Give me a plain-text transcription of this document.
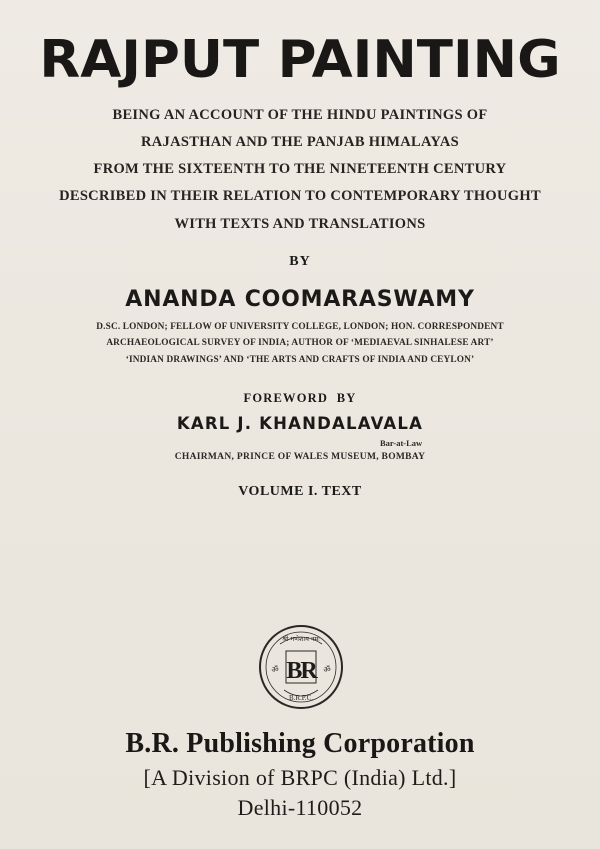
RAJPUT PAINTING
BEING AN ACCOUNT OF THE HINDU PAINTINGS OF
RAJASTHAN AND THE PANJAB HIMALAYAS
FROM THE SIXTEENTH TO THE NINETEENTH CENTURY
DESCRIBED IN THEIR RELATION TO CONTEMPORARY THOUGHT
WITH TEXTS AND TRANSLATIONS
BY
ANANDA COOMARASWAMY
D.SC. LONDON; FELLOW OF UNIVERSITY COLLEGE, LONDON; HON. CORRESPONDENT
ARCHAEOLOGICAL SURVEY OF INDIA; AUTHOR OF ‘MEDIAEVAL SINHALESE ART’
‘INDIAN DRAWINGS’ AND ‘THE ARTS AND CRAFTS OF INDIA AND CEYLON’
FOREWORD  BY
KARL J. KHANDALAVALA
Bar-at-Law
CHAIRMAN, PRINCE OF WALES MUSEUM, BOMBAY
VOLUME I. TEXT
श्री गणेशाय नमः
ॐ	ॐ
BR
B.R.P.C.
B.R. Publishing Corporation
[A Division of BRPC (India) Ltd.]
Delhi-110052
